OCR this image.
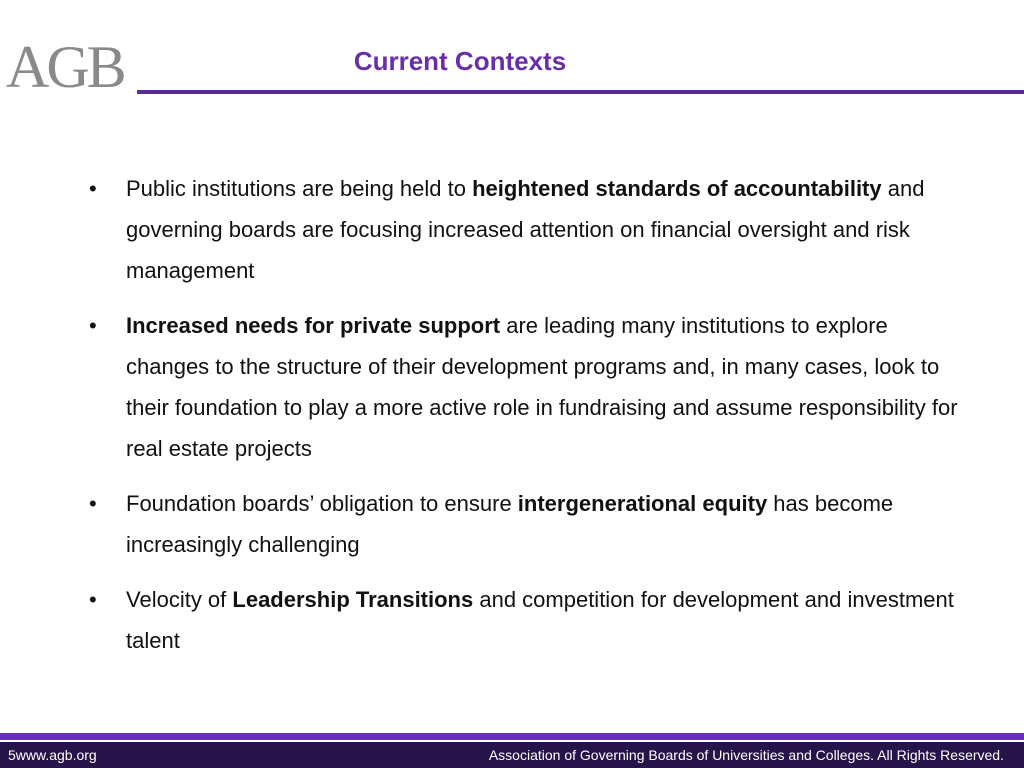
AGB	Current Contexts
• Public institutions are being held to heightened standards of accountability and governing boards are focusing increased attention on financial oversight and risk management
• Increased needs for private support are leading many institutions to explore changes to the structure of their development programs and, in many cases, look to their foundation to play a more active role in fundraising and assume responsibility for real estate projects
• Foundation boards’ obligation to ensure intergenerational equity has become increasingly challenging
• Velocity of Leadership Transitions and competition for development and investment talent
5www.agb.org	Association of Governing Boards of Universities and Colleges. All Rights Reserved.
